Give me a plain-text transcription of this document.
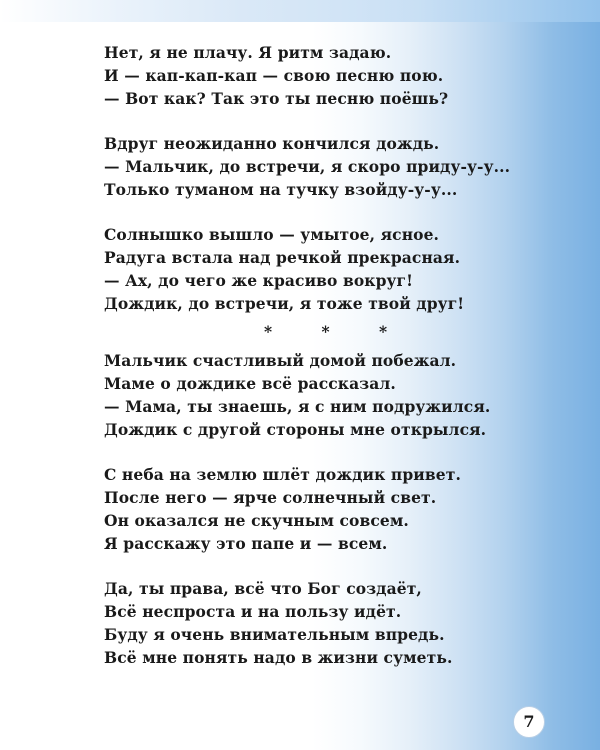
Нет, я не плачу. Я ритм задаю.
И — кап-кап-кап — свою песню пою.
— Вот как? Так это ты песню поёшь?
Вдруг неожиданно кончился дождь.
— Мальчик, до встречи, я скоро приду-у-у...
Только туманом на тучку взойду-у-у...
Солнышко вышло — умытое, ясное.
Радуга встала над речкой прекрасная.
— Ах, до чего же красиво вокруг!
Дождик, до встречи, я тоже твой друг!
* * *
Мальчик счастливый домой побежал.
Маме о дождике всё рассказал.
— Мама, ты знаешь, я с ним подружился.
Дождик с другой стороны мне открылся.
С неба на землю шлёт дождик привет.
После него — ярче солнечный свет.
Он оказался не скучным совсем.
Я расскажу это папе и — всем.
Да, ты права, всё что Бог создаёт,
Всё неспроста и на пользу идёт.
Буду я очень внимательным впредь.
Всё мне понять надо в жизни суметь.
7
